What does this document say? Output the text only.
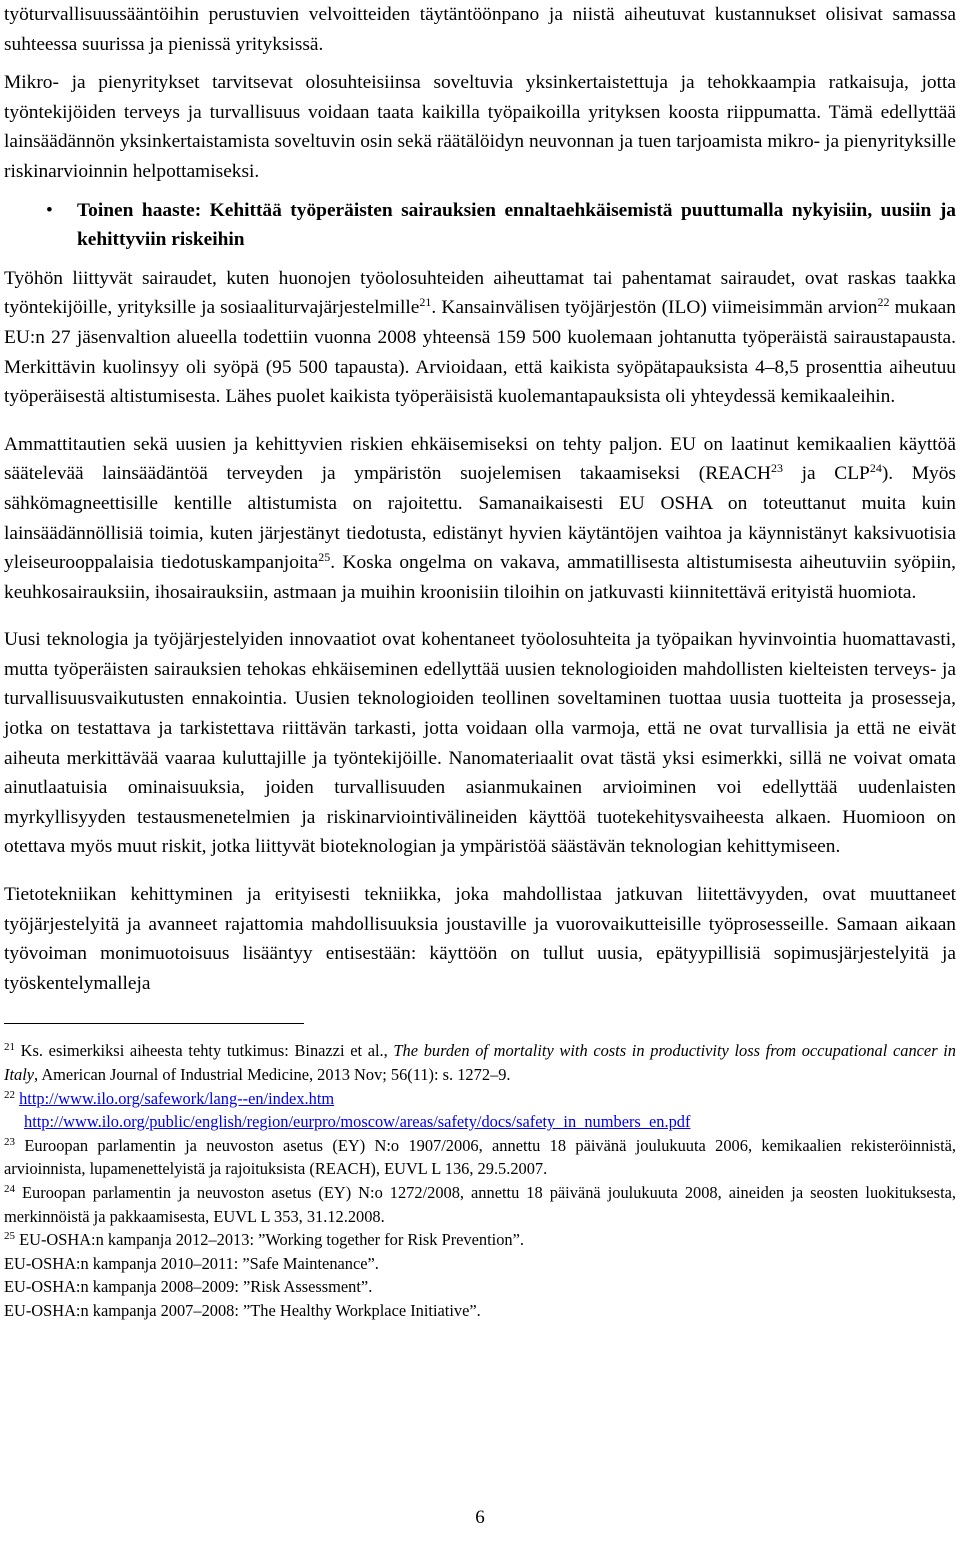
työturvallisuussääntöihin perustuvien velvoitteiden täytäntöönpano ja niistä aiheutuvat kustannukset olisivat samassa suhteessa suurissa ja pienissä yrityksissä.

Mikro- ja pienyritykset tarvitsevat olosuhteisiinsa soveltuvia yksinkertaistettuja ja tehokkaampia ratkaisuja, jotta työntekijöiden terveys ja turvallisuus voidaan taata kaikilla työpaikoilla yrityksen koosta riippumatta. Tämä edellyttää lainsäädännön yksinkertaistamista soveltuvin osin sekä räätälöidyn neuvonnan ja tuen tarjoamista mikro- ja pienyrityksille riskinarvioinnin helpottamiseksi.

• Toinen haaste: Kehittää työperäisten sairauksien ennaltaehkäisemistä puuttumalla nykyisiin, uusiin ja kehittyviin riskeihin

Työhön liittyvät sairaudet, kuten huonojen työolosuhteiden aiheuttamat tai pahentamat sairaudet, ovat raskas taakka työntekijöille, yrityksille ja sosiaaliturvajärjestelmille$^{21}$. Kansainvälisen työjärjestön (ILO) viimeisimmän arvion$^{22}$ mukaan EU:n 27 jäsenvaltion alueella todettiin vuonna 2008 yhteensä 159 500 kuolemaan johtanutta työperäistä sairaustapausta. Merkittävin kuolinsyy oli syöpä (95 500 tapausta). Arvioidaan, että kaikista syöpätapauksista 4–8,5 prosenttia aiheutuu työperäisestä altistumisesta. Lähes puolet kaikista työperäisistä kuolemantapauksista oli yhteydessä kemikaaleihin.

Ammattitautien sekä uusien ja kehittyvien riskien ehkäisemiseksi on tehty paljon. EU on laatinut kemikaalien käyttöä säätelevää lainsäädäntöä terveyden ja ympäristön suojelemisen takaamiseksi (REACH$^{23}$ ja CLP$^{24}$). Myös sähkömagneettisille kentille altistumista on rajoitettu. Samanaikaisesti EU OSHA on toteuttanut muita kuin lainsäädännöllisiä toimia, kuten järjestänyt tiedotusta, edistänyt hyvien käytäntöjen vaihtoa ja käynnistänyt kaksivuotisia yleiseurooppalaisia tiedotuskampanjoita$^{25}$. Koska ongelma on vakava, ammatillisesta altistumisesta aiheutuviin syöpiin, keuhkosairauksiin, ihosairauksiin, astmaan ja muihin kroonisiin tiloihin on jatkuvasti kiinnitettävä erityistä huomiota.

Uusi teknologia ja työjärjestelyiden innovaatiot ovat kohentaneet työolosuhteita ja työpaikan hyvinvointia huomattavasti, mutta työperäisten sairauksien tehokas ehkäiseminen edellyttää uusien teknologioiden mahdollisten kielteisten terveys- ja turvallisuusvaikutusten ennakointia. Uusien teknologioiden teollinen soveltaminen tuottaa uusia tuotteita ja prosesseja, jotka on testattava ja tarkistettava riittävän tarkasti, jotta voidaan olla varmoja, että ne ovat turvallisia ja että ne eivät aiheuta merkittävää vaaraa kuluttajille ja työntekijöille. Nanomateriaalit ovat tästä yksi esimerkki, sillä ne voivat omata ainutlaatuisia ominaisuuksia, joiden turvallisuuden asianmukainen arvioiminen voi edellyttää uudenlaisten myrkyllisyyden testausmenetelmien ja riskinarviointivälineiden käyttöä tuotekehitysvaiheesta alkaen. Huomioon on otettava myös muut riskit, jotka liittyvät bioteknologian ja ympäristöä säästävän teknologian kehittymiseen.

Tietotekniikan kehittyminen ja erityisesti tekniikka, joka mahdollistaa jatkuvan liitettävyyden, ovat muuttaneet työjärjestelyitä ja avanneet rajattomia mahdollisuuksia joustaville ja vuorovaikutteisille työprosesseille. Samaan aikaan työvoiman monimuotoisuus lisääntyy entisestään: käyttöön on tullut uusia, epätyypillisiä sopimusjärjestelyitä ja työskentelymalleja

$^{21}$ Ks. esimerkiksi aiheesta tehty tutkimus: Binazzi et al., The burden of mortality with costs in productivity loss from occupational cancer in Italy, American Journal of Industrial Medicine, 2013 Nov; 56(11): s. 1272–9.
$^{22}$ http://www.ilo.org/safework/lang--en/index.htm
http://www.ilo.org/public/english/region/eurpro/moscow/areas/safety/docs/safety_in_numbers_en.pdf
$^{23}$ Euroopan parlamentin ja neuvoston asetus (EY) N:o 1907/2006, annettu 18 päivänä joulukuuta 2006, kemikaalien rekisteröinnistä, arvioinnista, lupamenettelyistä ja rajoituksista (REACH), EUVL L 136, 29.5.2007.
$^{24}$ Euroopan parlamentin ja neuvoston asetus (EY) N:o 1272/2008, annettu 18 päivänä joulukuuta 2008, aineiden ja seosten luokituksesta, merkinnöistä ja pakkaamisesta, EUVL L 353, 31.12.2008.
$^{25}$ EU-OSHA:n kampanja 2012–2013: ”Working together for Risk Prevention”.
EU-OSHA:n kampanja 2010–2011: ”Safe Maintenance”.
EU-OSHA:n kampanja 2008–2009: ”Risk Assessment”.
EU-OSHA:n kampanja 2007–2008: ”The Healthy Workplace Initiative”.
6
